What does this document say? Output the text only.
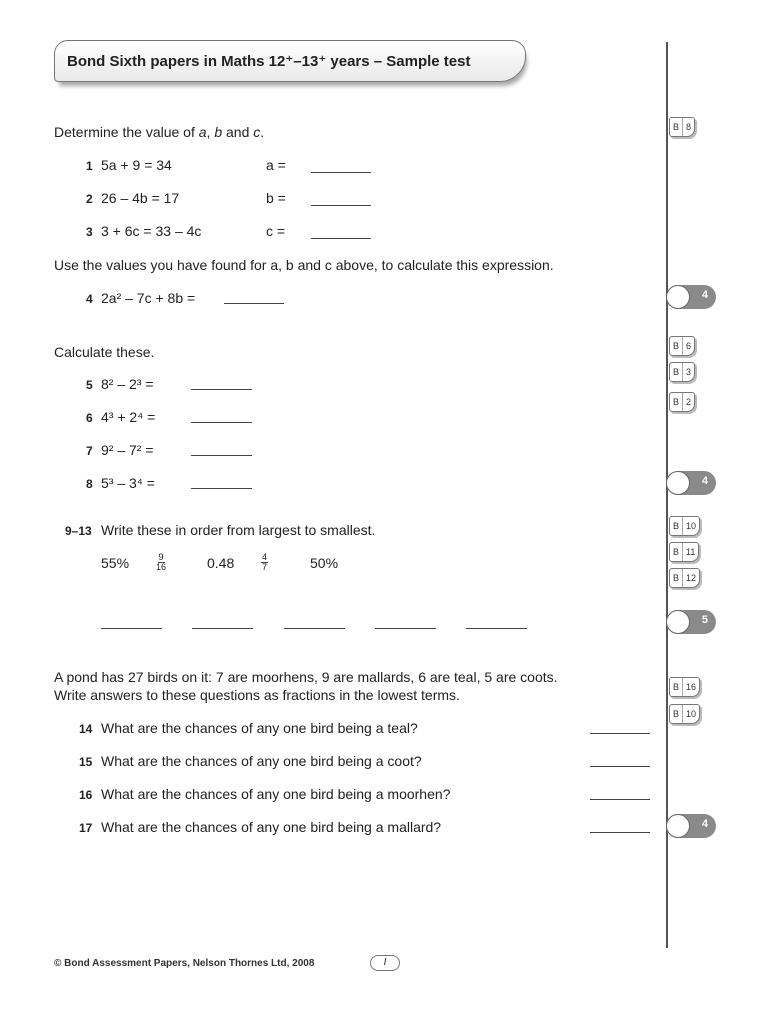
Bond Sixth papers in Maths 12⁺–13⁺ years – Sample test
Determine the value of a, b and c.
1 5a + 9 = 34	a =
2 26 – 4b = 17	b =
3 3 + 6c = 33 – 4c	c =
Use the values you have found for a, b and c above, to calculate this expression.
4 2a² – 7c + 8b =
Calculate these.
5 8² – 2³ =
6 4³ + 2⁴ =
7 9² – 7² =
8 5³ – 3⁴ =
9–13 Write these in order from largest to smallest.
55%	$\frac{9}{16}$	0.48	$\frac{4}{7}$	50%
A pond has 27 birds on it: 7 are moorhens, 9 are mallards, 6 are teal, 5 are coots.
Write answers to these questions as fractions in the lowest terms.
14 What are the chances of any one bird being a teal?
15 What are the chances of any one bird being a coot?
16 What are the chances of any one bird being a moorhen?
17 What are the chances of any one bird being a mallard?
B 8
B 6
B 3
B 2
B 10
B 11
B 12
B 16
B 10
4
4
5
4
© Bond Assessment Papers, Nelson Thornes Ltd, 2008	I
